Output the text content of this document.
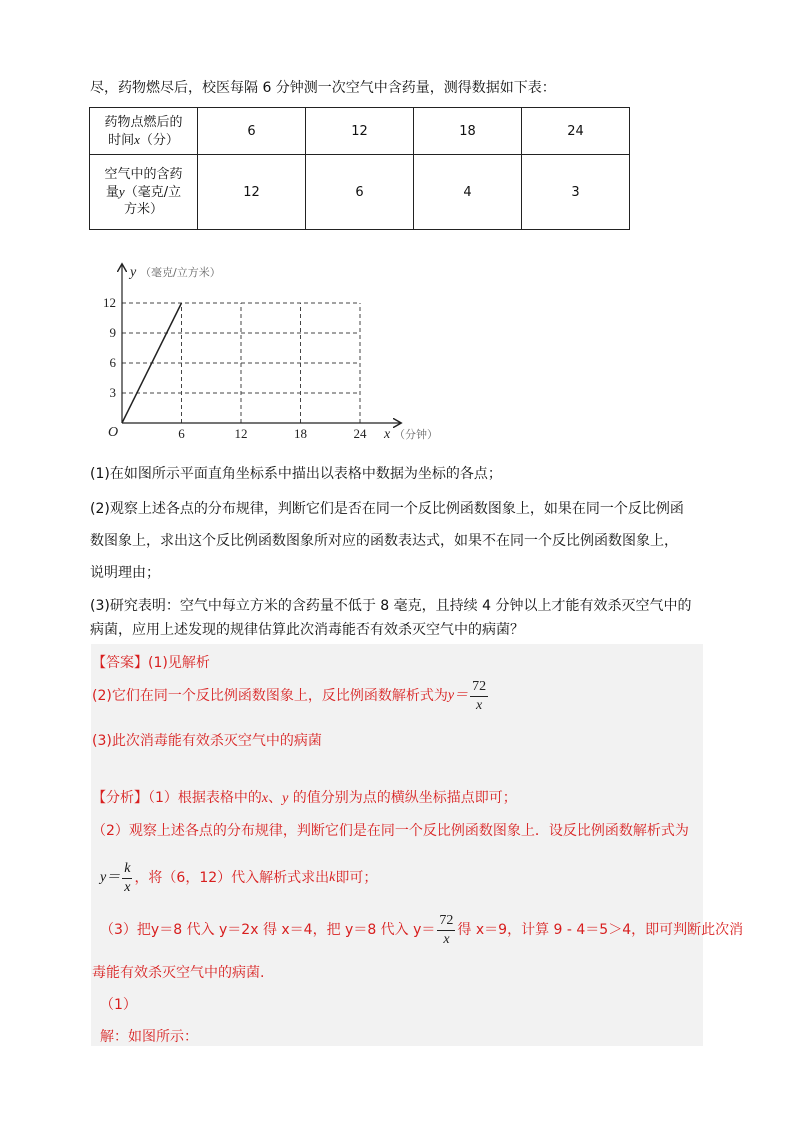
尽，药物燃尽后，校医每隔 6 分钟测一次空气中含药量，测得数据如下表：
药物点燃后的
时间x（分）	6	12	18	24
空气中的含药
量y（毫克/立
方米）	12	6	4	3
6	12	18	24
3
6
9
12
O
y （毫克/立方米）
x （分钟）
(1)在如图所示平面直角坐标系中描出以表格中数据为坐标的各点；
(2)观察上述各点的分布规律，判断它们是否在同一个反比例函数图象上，如果在同一个反比例函
数图象上，求出这个反比例函数图象所对应的函数表达式，如果不在同一个反比例函数图象上，
说明理由；
(3)研究表明：空气中每立方米的含药量不低于 8 毫克，且持续 4 分钟以上才能有效杀灭空气中的
病菌，应用上述发现的规律估算此次消毒能否有效杀灭空气中的病菌？
【答案】(1)见解析
(2)它们在同一个反比例函数图象上，反比例函数解析式为 $y= \frac{72}{x}$
(3)此次消毒能有效杀灭空气中的病菌
【分析】（1）根据表格中的x、y 的值分别为点的横纵坐标描点即可；
（2）观察上述各点的分布规律，判断它们是在同一个反比例函数图象上．设反比例函数解析式为
$y= \frac{k}{x}$ ，将（6，12）代入解析式求出 k 即可；
（3）把 y＝8 代入 y＝2x 得 x＝4，把 y＝8 代入 $y= \frac{72}{x}$ 得 x＝9，计算 9 - 4＝5＞4，即可判断此次消
毒能有效杀灭空气中的病菌.
（1）
解：如图所示：
